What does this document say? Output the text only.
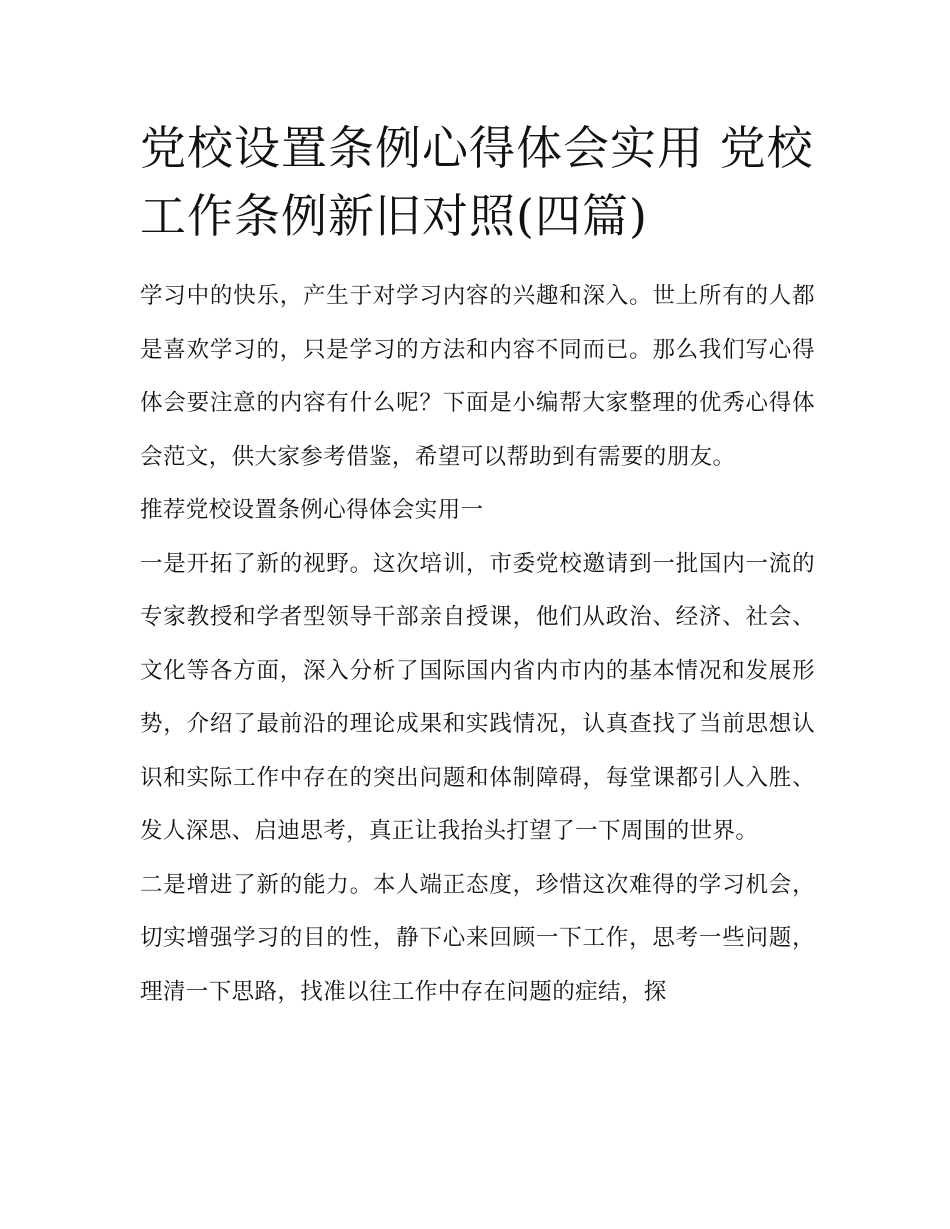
党校设置条例心得体会实用 党校工作条例新旧对照(四篇)

学习中的快乐，产生于对学习内容的兴趣和深入。世上所有的人都是喜欢学习的，只是学习的方法和内容不同而已。那么我们写心得体会要注意的内容有什么呢？下面是小编帮大家整理的优秀心得体会范文，供大家参考借鉴，希望可以帮助到有需要的朋友。

推荐党校设置条例心得体会实用一

一是开拓了新的视野。这次培训，市委党校邀请到一批国内一流的专家教授和学者型领导干部亲自授课，他们从政治、经济、社会、文化等各方面，深入分析了国际国内省内市内的基本情况和发展形势，介绍了最前沿的理论成果和实践情况，认真查找了当前思想认识和实际工作中存在的突出问题和体制障碍，每堂课都引人入胜、发人深思、启迪思考，真正让我抬头打望了一下周围的世界。

二是增进了新的能力。本人端正态度，珍惜这次难得的学习机会，切实增强学习的目的性，静下心来回顾一下工作，思考一些问题，理清一下思路，找准以往工作中存在问题的症结，探
